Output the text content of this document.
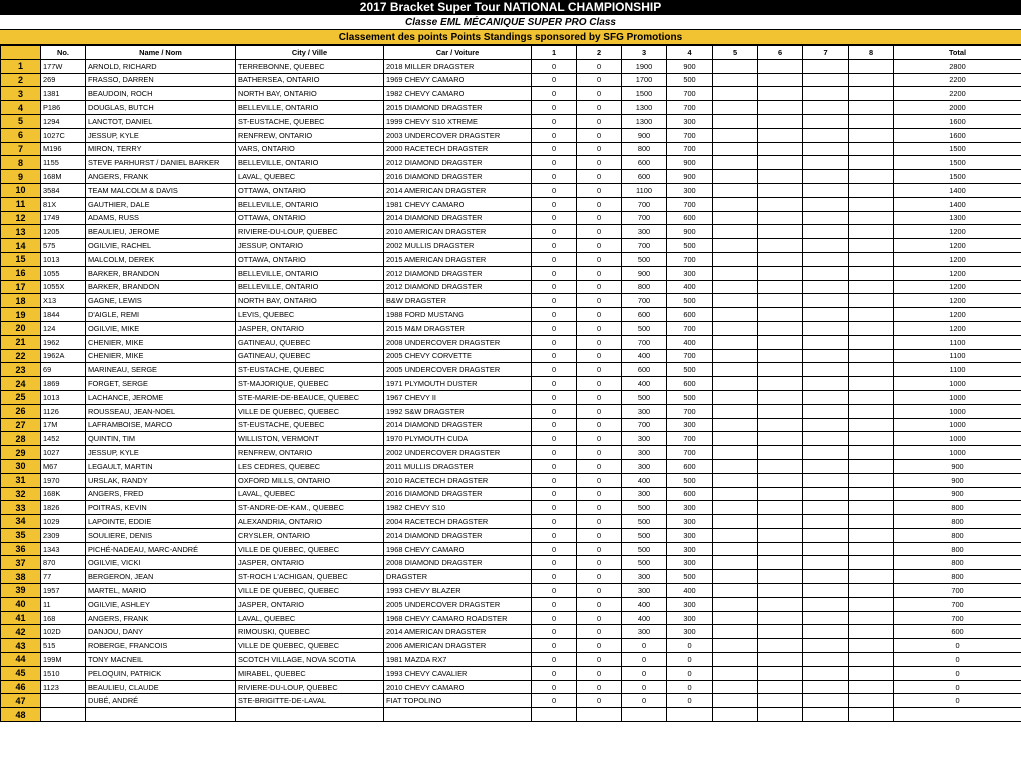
2017 Bracket Super Tour NATIONAL CHAMPIONSHIP
Classe EML MÉCANIQUE SUPER PRO Class
Classement des points Points Standings sponsored by SFG Promotions
	No.	Name / Nom	City / Ville	Car / Voiture	1	2	3	4	5	6	7	8	Total
1	177W	ARNOLD, RICHARD	TERREBONNE, QUEBEC	2018 MILLER DRAGSTER	0	0	1900	900					2800
2	269	FRASSO, DARREN	BATHERSEA, ONTARIO	1969 CHEVY CAMARO	0	0	1700	500					2200
3	1381	BEAUDOIN, ROCH	NORTH BAY, ONTARIO	1982 CHEVY CAMARO	0	0	1500	700					2200
4	P186	DOUGLAS, BUTCH	BELLEVILLE, ONTARIO	2015 DIAMOND DRAGSTER	0	0	1300	700					2000
5	1294	LANCTOT, DANIEL	ST-EUSTACHE, QUEBEC	1999 CHEVY S10 XTREME	0	0	1300	300					1600
6	1027C	JESSUP, KYLE	RENFREW, ONTARIO	2003 UNDERCOVER DRAGSTER	0	0	900	700					1600
7	M196	MIRON, TERRY	VARS, ONTARIO	2000 RACETECH DRAGSTER	0	0	800	700					1500
8	1155	STEVE PARHURST / DANIEL BARKER	BELLEVILLE, ONTARIO	2012 DIAMOND DRAGSTER	0	0	600	900					1500
9	168M	ANGERS, FRANK	LAVAL, QUEBEC	2016 DIAMOND DRAGSTER	0	0	600	900					1500
10	3584	TEAM MALCOLM & DAVIS	OTTAWA, ONTARIO	2014 AMERICAN DRAGSTER	0	0	1100	300					1400
11	81X	GAUTHIER, DALE	BELLEVILLE, ONTARIO	1981 CHEVY CAMARO	0	0	700	700					1400
12	1749	ADAMS, RUSS	OTTAWA, ONTARIO	2014 DIAMOND DRAGSTER	0	0	700	600					1300
13	1205	BEAULIEU, JEROME	RIVIERE-DU-LOUP, QUEBEC	2010 AMERICAN DRAGSTER	0	0	300	900					1200
14	575	OGILVIE, RACHEL	JESSUP, ONTARIO	2002 MULLIS DRAGSTER	0	0	700	500					1200
15	1013	MALCOLM, DEREK	OTTAWA, ONTARIO	2015 AMERICAN DRAGSTER	0	0	500	700					1200
16	1055	BARKER, BRANDON	BELLEVILLE, ONTARIO	2012 DIAMOND DRAGSTER	0	0	900	300					1200
17	1055X	BARKER, BRANDON	BELLEVILLE, ONTARIO	2012 DIAMOND DRAGSTER	0	0	800	400					1200
18	X13	GAGNE, LEWIS	NORTH BAY, ONTARIO	B&W DRAGSTER	0	0	700	500					1200
19	1844	D'AIGLE, REMI	LEVIS, QUEBEC	1988 FORD MUSTANG	0	0	600	600					1200
20	124	OGILVIE, MIKE	JASPER, ONTARIO	2015 M&M DRAGSTER	0	0	500	700					1200
21	1962	CHENIER, MIKE	GATINEAU, QUEBEC	2008 UNDERCOVER DRAGSTER	0	0	700	400					1100
22	1962A	CHENIER, MIKE	GATINEAU, QUEBEC	2005 CHEVY CORVETTE	0	0	400	700					1100
23	69	MARINEAU, SERGE	ST-EUSTACHE, QUEBEC	2005 UNDERCOVER DRAGSTER	0	0	600	500					1100
24	1869	FORGET, SERGE	ST-MAJORIQUE, QUEBEC	1971 PLYMOUTH DUSTER	0	0	400	600					1000
25	1013	LACHANCE, JEROME	STE-MARIE-DE-BEAUCE, QUEBEC	1967 CHEVY II	0	0	500	500					1000
26	1126	ROUSSEAU, JEAN-NOEL	VILLE DE QUEBEC, QUEBEC	1992 S&W DRAGSTER	0	0	300	700					1000
27	17M	LAFRAMBOISE, MARCO	ST-EUSTACHE, QUEBEC	2014 DIAMOND DRAGSTER	0	0	700	300					1000
28	1452	QUINTIN, TIM	WILLISTON, VERMONT	1970 PLYMOUTH CUDA	0	0	300	700					1000
29	1027	JESSUP, KYLE	RENFREW, ONTARIO	2002 UNDERCOVER DRAGSTER	0	0	300	700					1000
30	M67	LEGAULT, MARTIN	LES CEDRES, QUEBEC	2011 MULLIS DRAGSTER	0	0	300	600					900
31	1970	URSLAK, RANDY	OXFORD MILLS, ONTARIO	2010 RACETECH DRAGSTER	0	0	400	500					900
32	168K	ANGERS, FRED	LAVAL, QUEBEC	2016 DIAMOND DRAGSTER	0	0	300	600					900
33	1826	POITRAS, KEVIN	ST-ANDRE-DE-KAM., QUEBEC	1982 CHEVY S10	0	0	500	300					800
34	1029	LAPOINTE, EDDIE	ALEXANDRIA, ONTARIO	2004 RACETECH DRAGSTER	0	0	500	300					800
35	2309	SOULIERE, DENIS	CRYSLER, ONTARIO	2014 DIAMOND DRAGSTER	0	0	500	300					800
36	1343	PICHÉ-NADEAU, MARC-ANDRÉ	VILLE DE QUEBEC, QUEBEC	1968 CHEVY CAMARO	0	0	500	300					800
37	870	OGILVIE, VICKI	JASPER, ONTARIO	2008 DIAMOND DRAGSTER	0	0	500	300					800
38	77	BERGERON, JEAN	ST-ROCH L'ACHIGAN, QUEBEC	DRAGSTER	0	0	300	500					800
39	1957	MARTEL, MARIO	VILLE DE QUEBEC, QUEBEC	1993 CHEVY BLAZER	0	0	300	400					700
40	11	OGILVIE, ASHLEY	JASPER, ONTARIO	2005 UNDERCOVER DRAGSTER	0	0	400	300					700
41	168	ANGERS, FRANK	LAVAL, QUEBEC	1968 CHEVY CAMARO ROADSTER	0	0	400	300					700
42	102D	DANJOU, DANY	RIMOUSKI, QUEBEC	2014 AMERICAN DRAGSTER	0	0	300	300					600
43	515	ROBERGE, FRANCOIS	VILLE DE QUEBEC, QUEBEC	2006 AMERICAN DRAGSTER	0	0	0	0					0
44	199M	TONY MACNEIL	SCOTCH VILLAGE, NOVA SCOTIA	1981 MAZDA RX7	0	0	0	0					0
45	1510	PELOQUIN, PATRICK	MIRABEL, QUEBEC	1993 CHEVY CAVALIER	0	0	0	0					0
46	1123	BEAULIEU, CLAUDE	RIVIERE-DU-LOUP, QUEBEC	2010 CHEVY CAMARO	0	0	0	0					0
47		DUBÉ, ANDRÉ	STE-BRIGITTE-DE-LAVAL	FIAT TOPOLINO	0	0	0	0					0
48													
